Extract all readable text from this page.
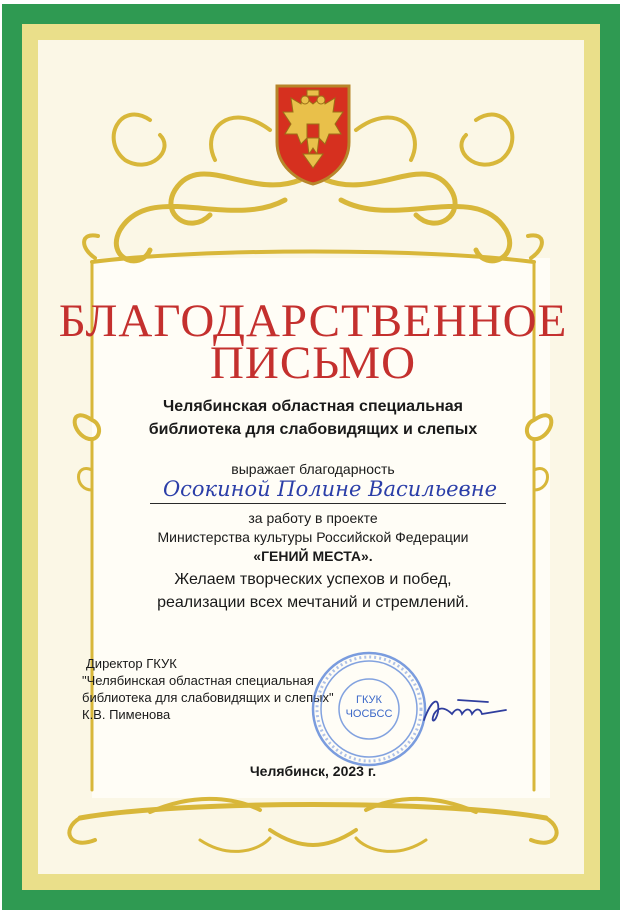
БЛАГОДАРСТВЕННОЕ
ПИСЬМО
Челябинская областная специальная
библиотека для слабовидящих и слепых
выражает благодарность
Осокиной Полине Васильевне
за работу в проекте
Министерства культуры Российской Федерации
«ГЕНИЙ МЕСТА».
Желаем творческих успехов и побед,
реализации всех мечтаний и стремлений.
Директор ГКУК
"Челябинская областная специальная
библиотека для слабовидящих и слепых"
К.В. Пименова
ГКУК
ЧОСБСС
Челябинск, 2023 г.
